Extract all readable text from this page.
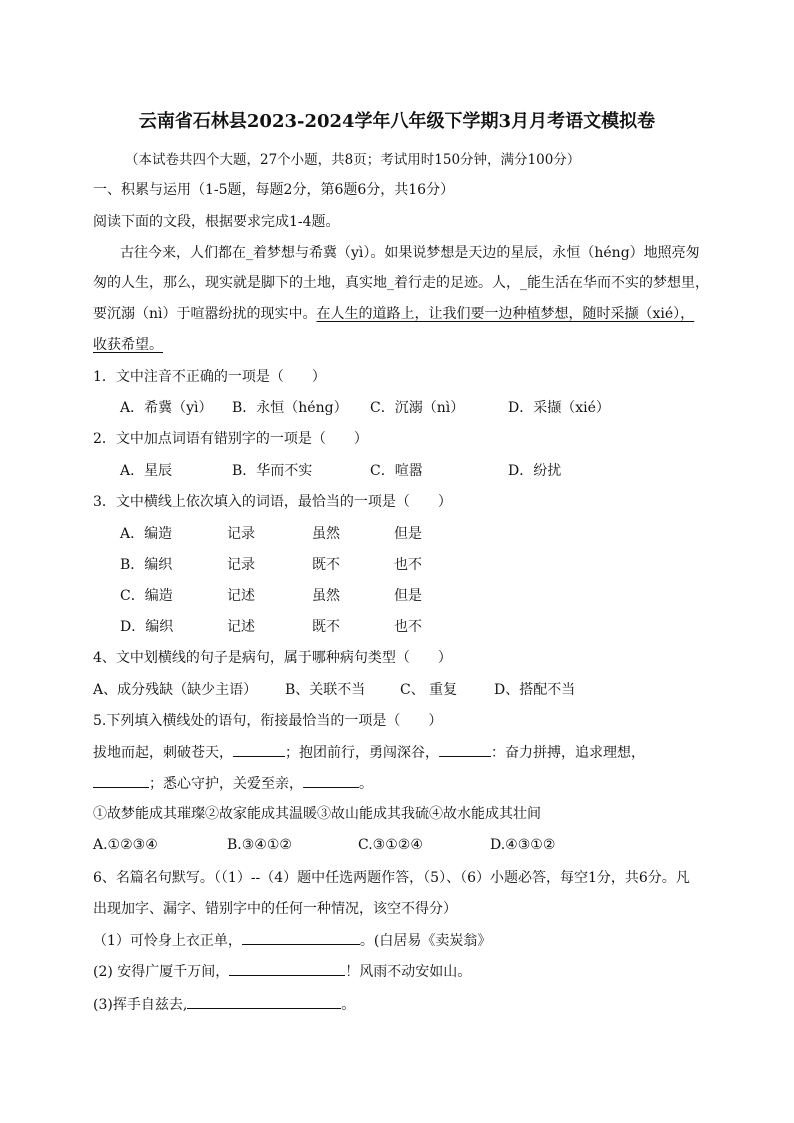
云南省石林县2023-2024学年八年级下学期3月月考语文模拟卷
（本试卷共四个大题，27个小题，共8页；考试用时150分钟，满分100分）
一、积累与运用（1-5题，每题2分，第6题6分，共16分）
阅读下面的文段，根据要求完成1-4题。
古往今来，人们都在_着梦想与希冀（yì）。如果说梦想是天边的星辰，永恒（héng）地照亮匆
匆的人生，那么，现实就是脚下的土地，真实地_着行走的足迹。人，_能生活在华而不实的梦想里，
要沉溺（nì）于喧嚣纷扰的现实中。在人生的道路上，让我们要一边种植梦想，随时采撷（xié），
收获希望。
1．文中注音不正确的一项是（　　）
A．希冀（yì） B．永恒（héng） C．沉溺（nì）	D．采撷（xié）
2．文中加点词语有错别字的一项是（　　）
A．星辰	B．华而不实	C．喧嚣	D．纷扰
3．文中横线上依次填入的词语，最恰当的一项是（　　）
A．编造	记录	虽然	但是
B．编织	记录	既不	也不
C．编造	记述	虽然	但是
D．编织	记述	既不	也不
4、文中划横线的句子是病句，属于哪种病句类型（　　）
A、成分残缺（缺少主语） B、关联不当 C、 重复	D、搭配不当
5.下列填入横线处的语句，衔接最恰当的一项是（　　）
拔地而起，刺破苍天，	；抱团前行，勇闯深谷，	：奋力拼搏，追求理想，
；悉心守护，关爱至亲，	。
①故梦能成其璀璨②故家能成其温暖③故山能成其我硫④故水能成其壮间
A.①②③④	B.③④①②	C.③①②④	D.④③①②
6、名篇名句默写。（（1）--（4）题中任选两题作答，（5）、（6）小题必答，每空1分，共6分。凡
出现加字、漏字、错别字中的任何一种情况，该空不得分）
（1）可怜身上衣正单，	。(白居易《卖炭翁》
(2) 安得广厦千万间，	！风雨不动安如山。
(3)挥手自兹去,	。
